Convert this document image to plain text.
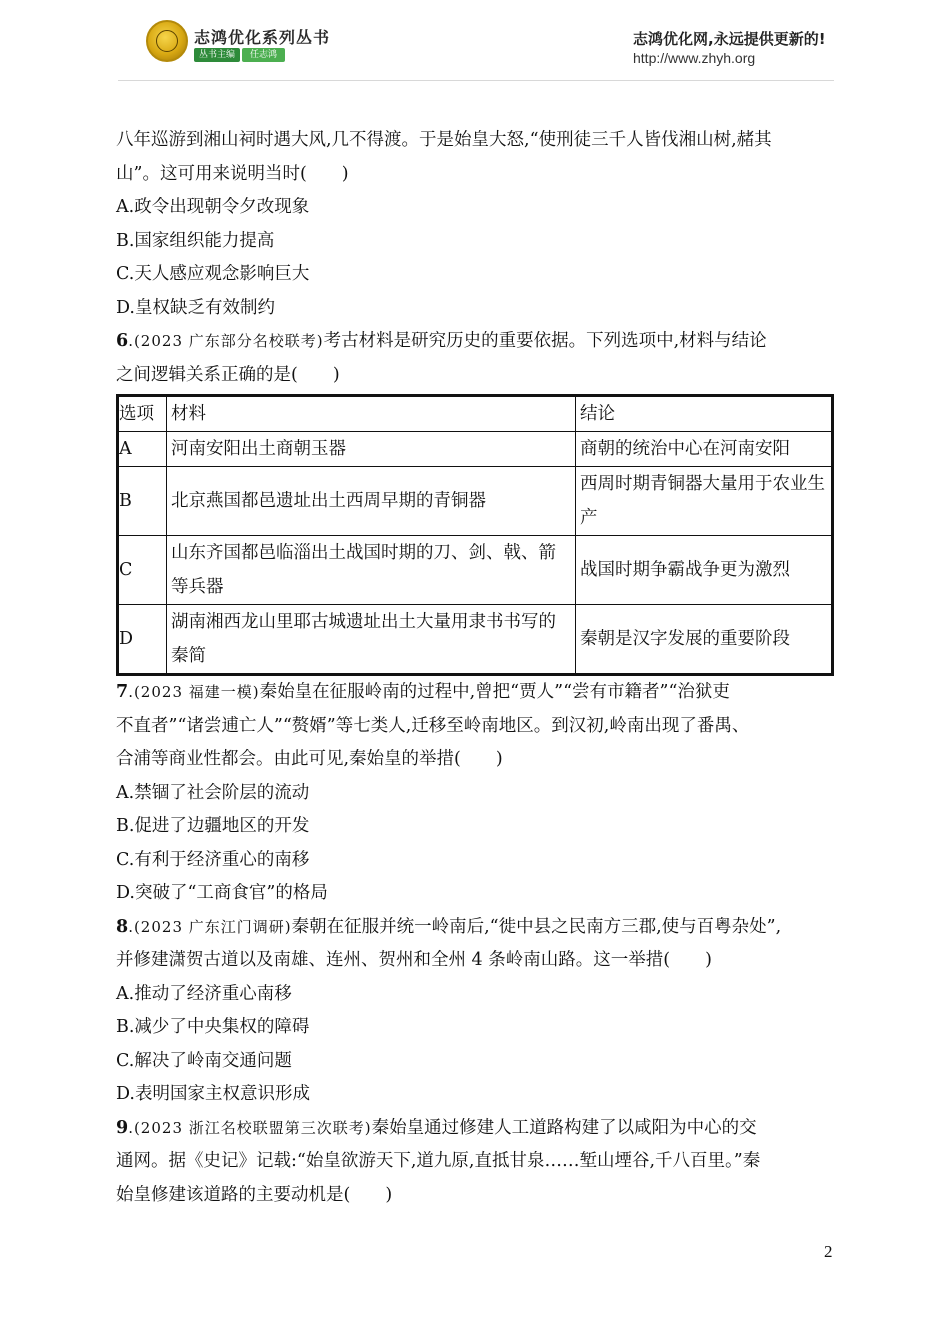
志鸿优化系列丛书
丛书主编 任志鸿
志鸿优化网,永远提供更新的!
http://www.zhyh.org

八年巡游到湘山祠时遇大风,几不得渡。于是始皇大怒,“使刑徒三千人皆伐湘山树,赭其

山”。这可用来说明当时(　　)

A.政令出现朝令夕改现象

B.国家组织能力提高

C.天人感应观念影响巨大

D.皇权缺乏有效制约

6.(2023 广东部分名校联考)考古材料是研究历史的重要依据。下列选项中,材料与结论

之间逻辑关系正确的是(　　)

选项	材料	结论
A	河南安阳出土商朝玉器	商朝的统治中心在河南安阳
B	北京燕国都邑遗址出土西周早期的青铜器	西周时期青铜器大量用于农业生产
C	山东齐国都邑临淄出土战国时期的刀、剑、戟、箭等兵器	战国时期争霸战争更为激烈
D	湖南湘西龙山里耶古城遗址出土大量用隶书书写的秦简	秦朝是汉字发展的重要阶段

7.(2023 福建一模)秦始皇在征服岭南的过程中,曾把“贾人”“尝有市籍者”“治狱吏

不直者”“诸尝逋亡人”“赘婿”等七类人,迁移至岭南地区。到汉初,岭南出现了番禺、

合浦等商业性都会。由此可见,秦始皇的举措(　　)

A.禁锢了社会阶层的流动

B.促进了边疆地区的开发

C.有利于经济重心的南移

D.突破了“工商食官”的格局

8.(2023 广东江门调研)秦朝在征服并统一岭南后,“徙中县之民南方三郡,使与百粤杂处”,

并修建潇贺古道以及南雄、连州、贺州和全州 4 条岭南山路。这一举措(　　)

A.推动了经济重心南移

B.减少了中央集权的障碍

C.解决了岭南交通问题

D.表明国家主权意识形成

9.(2023 浙江名校联盟第三次联考)秦始皇通过修建人工道路构建了以咸阳为中心的交

通网。据《史记》记载:“始皇欲游天下,道九原,直抵甘泉……堑山堙谷,千八百里。”秦

始皇修建该道路的主要动机是(　　)

2
